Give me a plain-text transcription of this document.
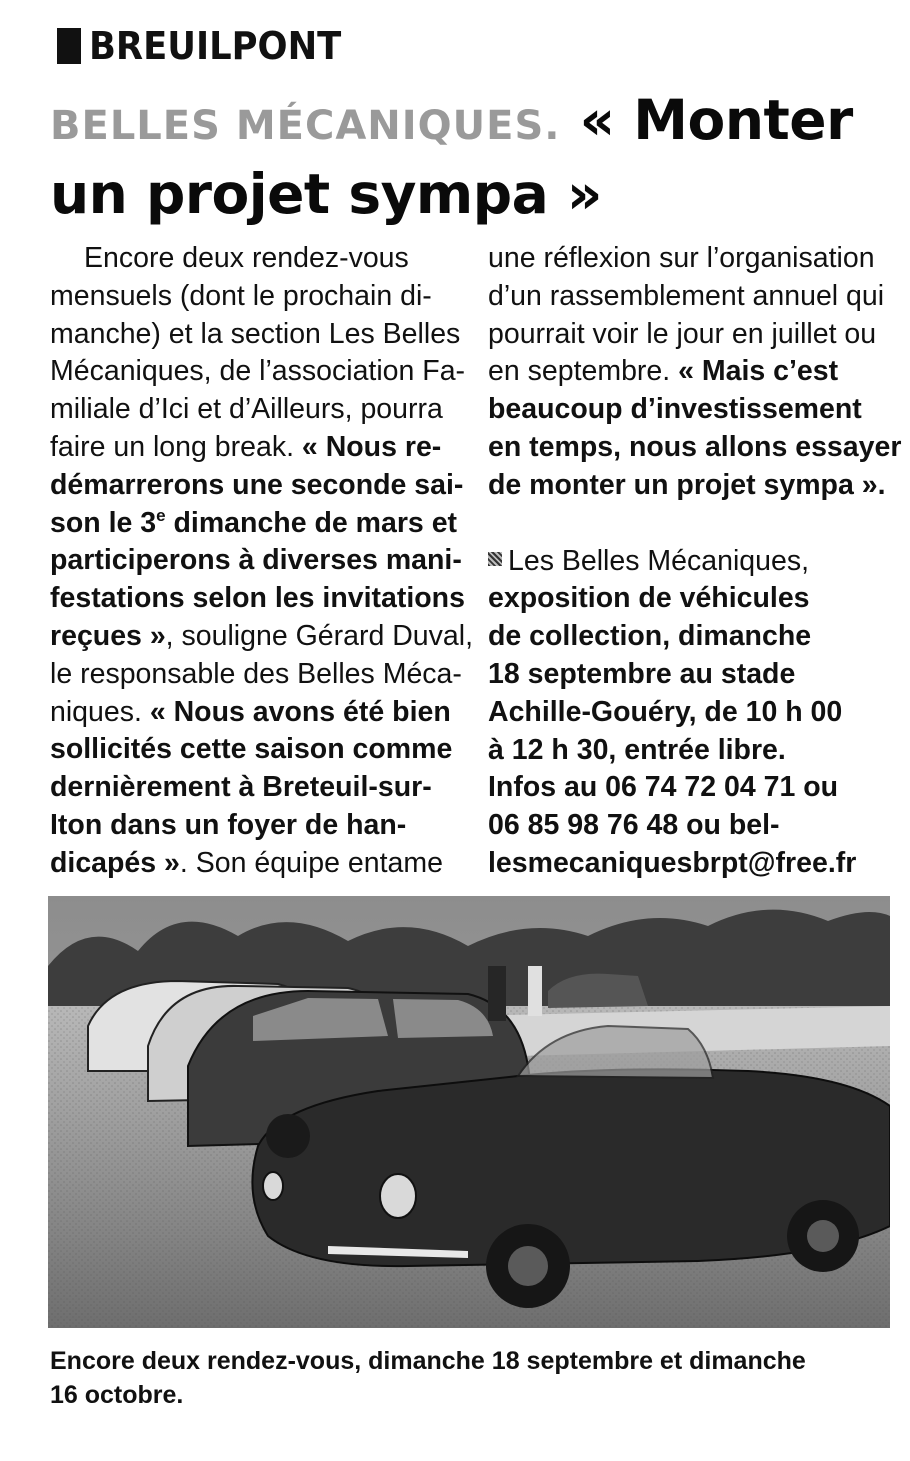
BREUILPONT
BELLES MÉCANIQUES. « Monter
un projet sympa »
Encore deux rendez-vous
mensuels (dont le prochain di-
manche) et la section Les Belles
Mécaniques, de l’association Fa-
miliale d’Ici et d’Ailleurs, pourra
faire un long break. « Nous re-
démarrerons une seconde sai-
son le 3e dimanche de mars et
participerons à diverses mani-
festations selon les invitations
reçues », souligne Gérard Duval,
le responsable des Belles Méca-
niques. « Nous avons été bien
sollicités cette saison comme
dernièrement à Breteuil-sur-
Iton dans un foyer de han-
dicapés ». Son équipe entame
une réflexion sur l’organisation
d’un rassemblement annuel qui
pourrait voir le jour en juillet ou
en septembre. « Mais c’est
beaucoup d’investissement
en temps, nous allons essayer
de monter un projet sympa ».
Les Belles Mécaniques,
exposition de véhicules
de collection, dimanche
18 septembre au stade
Achille-Gouéry, de 10 h 00
à 12 h 30, entrée libre.
Infos au 06 74 72 04 71 ou
06 85 98 76 48 ou bel-
lesmecaniquesbrpt@free.fr
Encore deux rendez-vous, dimanche 18 septembre et dimanche
16 octobre.
